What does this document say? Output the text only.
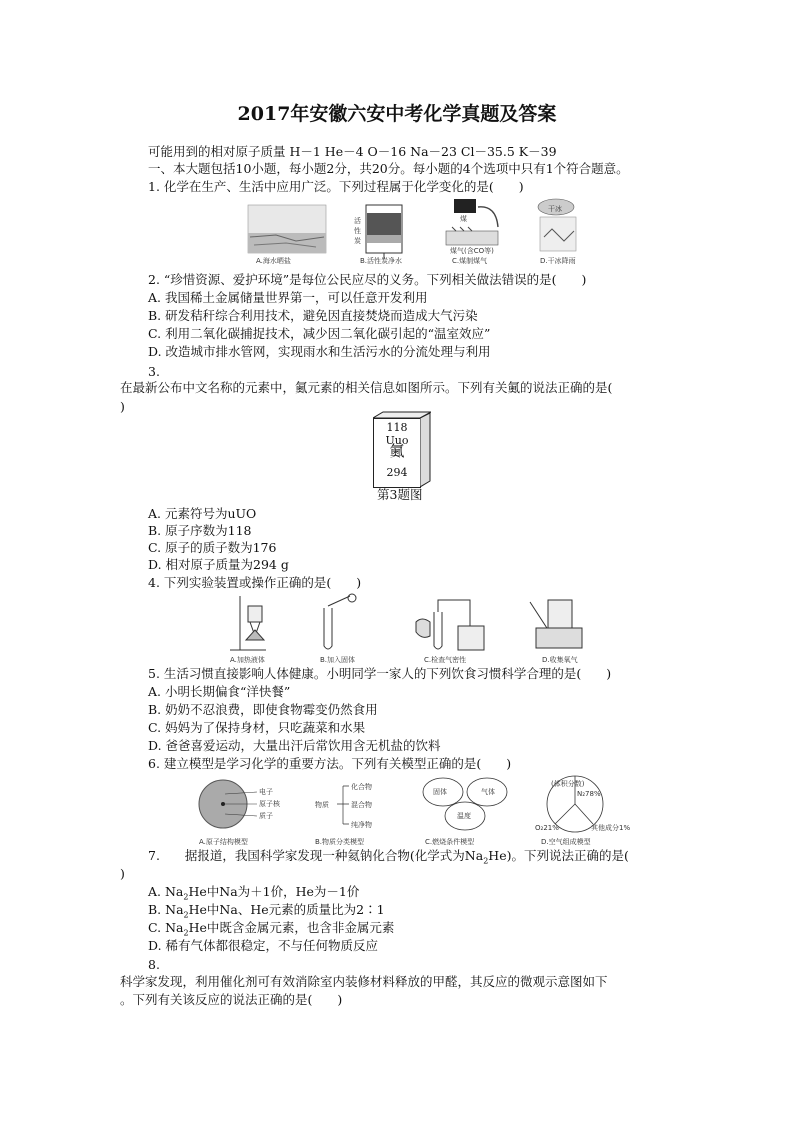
2017年安徽六安中考化学真题及答案
可能用到的相对原子质量 H－1 He－4 O－16 Na－23 Cl－35.5 K－39
一、本大题包括10小题，每小题2分，共20分。每小题的4个选项中只有1个符合题意。
1. 化学在生产、生活中应用广泛。下列过程属于化学变化的是(　　)
A.海水晒盐	B.活性炭净水	C.煤制煤气	D.干冰降雨
活
性
炭
煤
煤气(含CO等)
干冰
2. “珍惜资源、爱护环境”是每位公民应尽的义务。下列相关做法错误的是(　　)
A. 我国稀土金属储量世界第一，可以任意开发利用
B. 研发秸秆综合利用技术，避免因直接焚烧而造成大气污染
C. 利用二氧化碳捕捉技术，减少因二氧化碳引起的“温室效应”
D. 改造城市排水管网，实现雨水和生活污水的分流处理与利用
3.
在最新公布中文名称的元素中，鿫元素的相关信息如图所示。下列有关鿫的说法正确的是(
)
118 Uuo
鿫
294
第3题图
A. 元素符号为uUO
B. 原子序数为118
C. 原子的质子数为176
D. 相对原子质量为294 g
4. 下列实验装置或操作正确的是(　　)
A.加热液体	B.加入固体	C.检查气密性	D.收集氧气
5. 生活习惯直接影响人体健康。小明同学一家人的下列饮食习惯科学合理的是(　　)
A. 小明长期偏食“洋快餐”
B. 奶奶不忍浪费，即使食物霉变仍然食用
C. 妈妈为了保持身材，只吃蔬菜和水果
D. 爸爸喜爱运动，大量出汗后常饮用含无机盐的饮料
6. 建立模型是学习化学的重要方法。下列有关模型正确的是(　　)
电子
原子核
质子
物质
化合物
混合物
纯净物
固体	气体
温度
(体积分数)
N₂78%
O₂21%	其他成分1%
A.原子结构模型	B.物质分类模型	C.燃烧条件模型	D.空气组成模型
7.　　据报道，我国科学家发现一种氦钠化合物(化学式为$Na_2He$)。下列说法正确的是(
)
A. $Na_2He$中Na为＋1价，He为－1价
B. $Na_2He$中Na、He元素的质量比为2∶1
C. $Na_2He$中既含金属元素，也含非金属元素
D. 稀有气体都很稳定，不与任何物质反应
8.
科学家发现，利用催化剂可有效消除室内装修材料释放的甲醛，其反应的微观示意图如下
。下列有关该反应的说法正确的是(　　)
